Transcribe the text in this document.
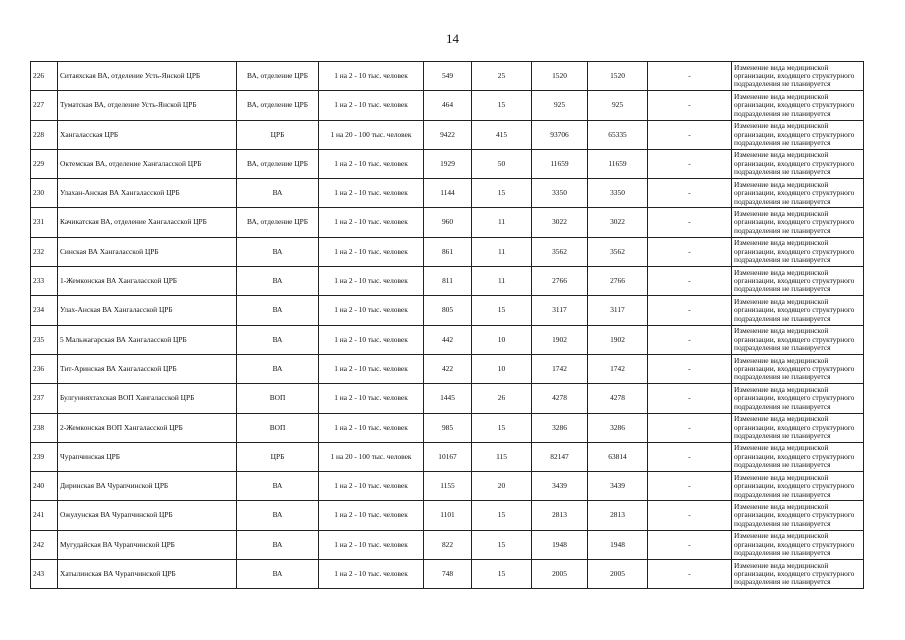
14
226	Ситаяхская ВА, отделение Усть-Янской ЦРБ	ВА, отделение ЦРБ	1 на 2 - 10 тыс. человек	549	25	1520	1520	-	Изменение вида медицинской организации, входящего структурного подразделения не планируется
227	Туматская ВА, отделение Усть-Янской ЦРБ	ВА, отделение ЦРБ	1 на 2 - 10 тыс. человек	464	15	925	925	-	Изменение вида медицинской организации, входящего структурного подразделения не планируется
228	Хангаласская ЦРБ	ЦРБ	1 на 20 - 100 тыс. человек	9422	415	93706	65335	-	Изменение вида медицинской организации, входящего структурного подразделения не планируется
229	Октемская ВА, отделение Хангаласской ЦРБ	ВА, отделение ЦРБ	1 на 2 - 10 тыс. человек	1929	50	11659	11659	-	Изменение вида медицинской организации, входящего структурного подразделения не планируется
230	Улахан-Анская ВА Хангаласской ЦРБ	ВА	1 на 2 - 10 тыс. человек	1144	15	3350	3350	-	Изменение вида медицинской организации, входящего структурного подразделения не планируется
231	Качикатская ВА, отделение Хангаласской ЦРБ	ВА, отделение ЦРБ	1 на 2 - 10 тыс. человек	960	11	3022	3022	-	Изменение вида медицинской организации, входящего структурного подразделения не планируется
232	Синская ВА Хангаласской ЦРБ	ВА	1 на 2 - 10 тыс. человек	861	11	3562	3562	-	Изменение вида медицинской организации, входящего структурного подразделения не планируется
233	1-Жемконская ВА Хангаласской ЦРБ	ВА	1 на 2 - 10 тыс. человек	811	11	2766	2766	-	Изменение вида медицинской организации, входящего структурного подразделения не планируется
234	Улах-Анская ВА Хангаласской ЦРБ	ВА	1 на 2 - 10 тыс. человек	805	15	3117	3117	-	Изменение вида медицинской организации, входящего структурного подразделения не планируется
235	5 Мальжагарская ВА Хангаласской ЦРБ	ВА	1 на 2 - 10 тыс. человек	442	10	1902	1902	-	Изменение вида медицинской организации, входящего структурного подразделения не планируется
236	Тит-Аринская ВА Хангаласской ЦРБ	ВА	1 на 2 - 10 тыс. человек	422	10	1742	1742	-	Изменение вида медицинской организации, входящего структурного подразделения не планируется
237	Булгунняхтахская ВОП Хангаласской ЦРБ	ВОП	1 на 2 - 10 тыс. человек	1445	26	4278	4278	-	Изменение вида медицинской организации, входящего структурного подразделения не планируется
238	2-Жемконская ВОП Хангаласской ЦРБ	ВОП	1 на 2 - 10 тыс. человек	985	15	3286	3286	-	Изменение вида медицинской организации, входящего структурного подразделения не планируется
239	Чурапчинская ЦРБ	ЦРБ	1 на 20 - 100 тыс. человек	10167	115	82147	63814	-	Изменение вида медицинской организации, входящего структурного подразделения не планируется
240	Диринская ВА Чурапчинской ЦРБ	ВА	1 на 2 - 10 тыс. человек	1155	20	3439	3439	-	Изменение вида медицинской организации, входящего структурного подразделения не планируется
241	Ожулунская ВА Чурапчинской ЦРБ	ВА	1 на 2 - 10 тыс. человек	1101	15	2813	2813	-	Изменение вида медицинской организации, входящего структурного подразделения не планируется
242	Мугудайская ВА Чурапчинской ЦРБ	ВА	1 на 2 - 10 тыс. человек	822	15	1948	1948	-	Изменение вида медицинской организации, входящего структурного подразделения не планируется
243	Хатылинская ВА Чурапчинской ЦРБ	ВА	1 на 2 - 10 тыс. человек	748	15	2005	2005	-	Изменение вида медицинской организации, входящего структурного подразделения не планируется
